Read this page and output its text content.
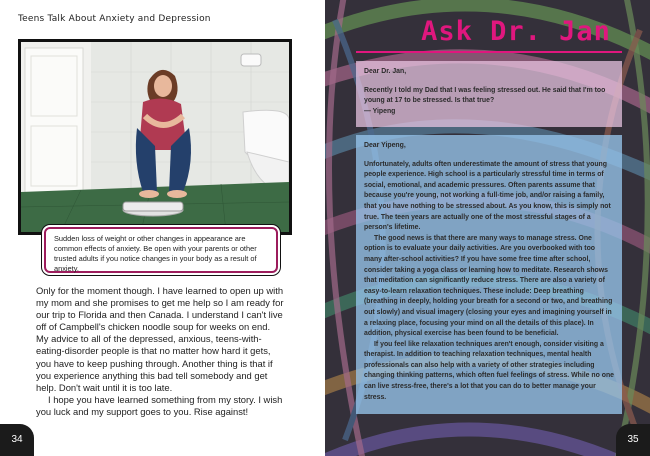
Teens Talk About Anxiety and Depression
Sudden loss of weight or other changes in appearance are common effects of anxiety. Be open with your parents or other trusted adults if you notice changes in your body as a result of anxiety.

Only for the moment though. I have learned to open up with my mom and she promises to get me help so I am ready for our trip to Florida and then Canada. I understand I can't live off of Campbell's chicken noodle soup for weeks on end. My advice to all of the depressed, anxious, teens-with-eating-disorder people is that no matter how hard it gets, you have to keep pushing through. Another thing is that if you experience anything this bad tell somebody and get help. Don't wait until it is too late.

I hope you have learned something from my story. I wish you luck and my support goes to you. Rise against!

34
Ask Dr. Jan

Dear Dr. Jan,

Recently I told my Dad that I was feeling stressed out. He said that I'm too young at 17 to be stressed. Is that true?

— Yipeng

Dear Yipeng,

Unfortunately, adults often underestimate the amount of stress that young people experience. High school is a particularly stressful time in terms of social, emotional, and academic pressures. Often parents assume that because you're young, not working a full-time job, and/or raising a family, that you have nothing to be stressed about. As you know, this is simply not true. The teen years are actually one of the most stressful stages of a person's lifetime.

The good news is that there are many ways to manage stress. One option is to evaluate your daily activities. Are you overbooked with too many after-school activities? If you have some free time after school, consider taking a yoga class or learning how to meditate. Research shows that meditation can significantly reduce stress. There are also a variety of easy-to-learn relaxation techniques. These include: Deep breathing (breathing in deeply, holding your breath for a second or two, and breathing out slowly) and visual imagery (closing your eyes and imagining yourself in a relaxing place, focusing your mind on all the details of this place). In addition, physical exercise has been found to be beneficial.

If you feel like relaxation techniques aren't enough, consider visiting a therapist. In addition to teaching relaxation techniques, mental health professionals can also help with a variety of other strategies including changing thinking patterns, which often fuel feelings of stress. While no one can live stress-free, there's a lot that you can do to better manage your stress.

35
